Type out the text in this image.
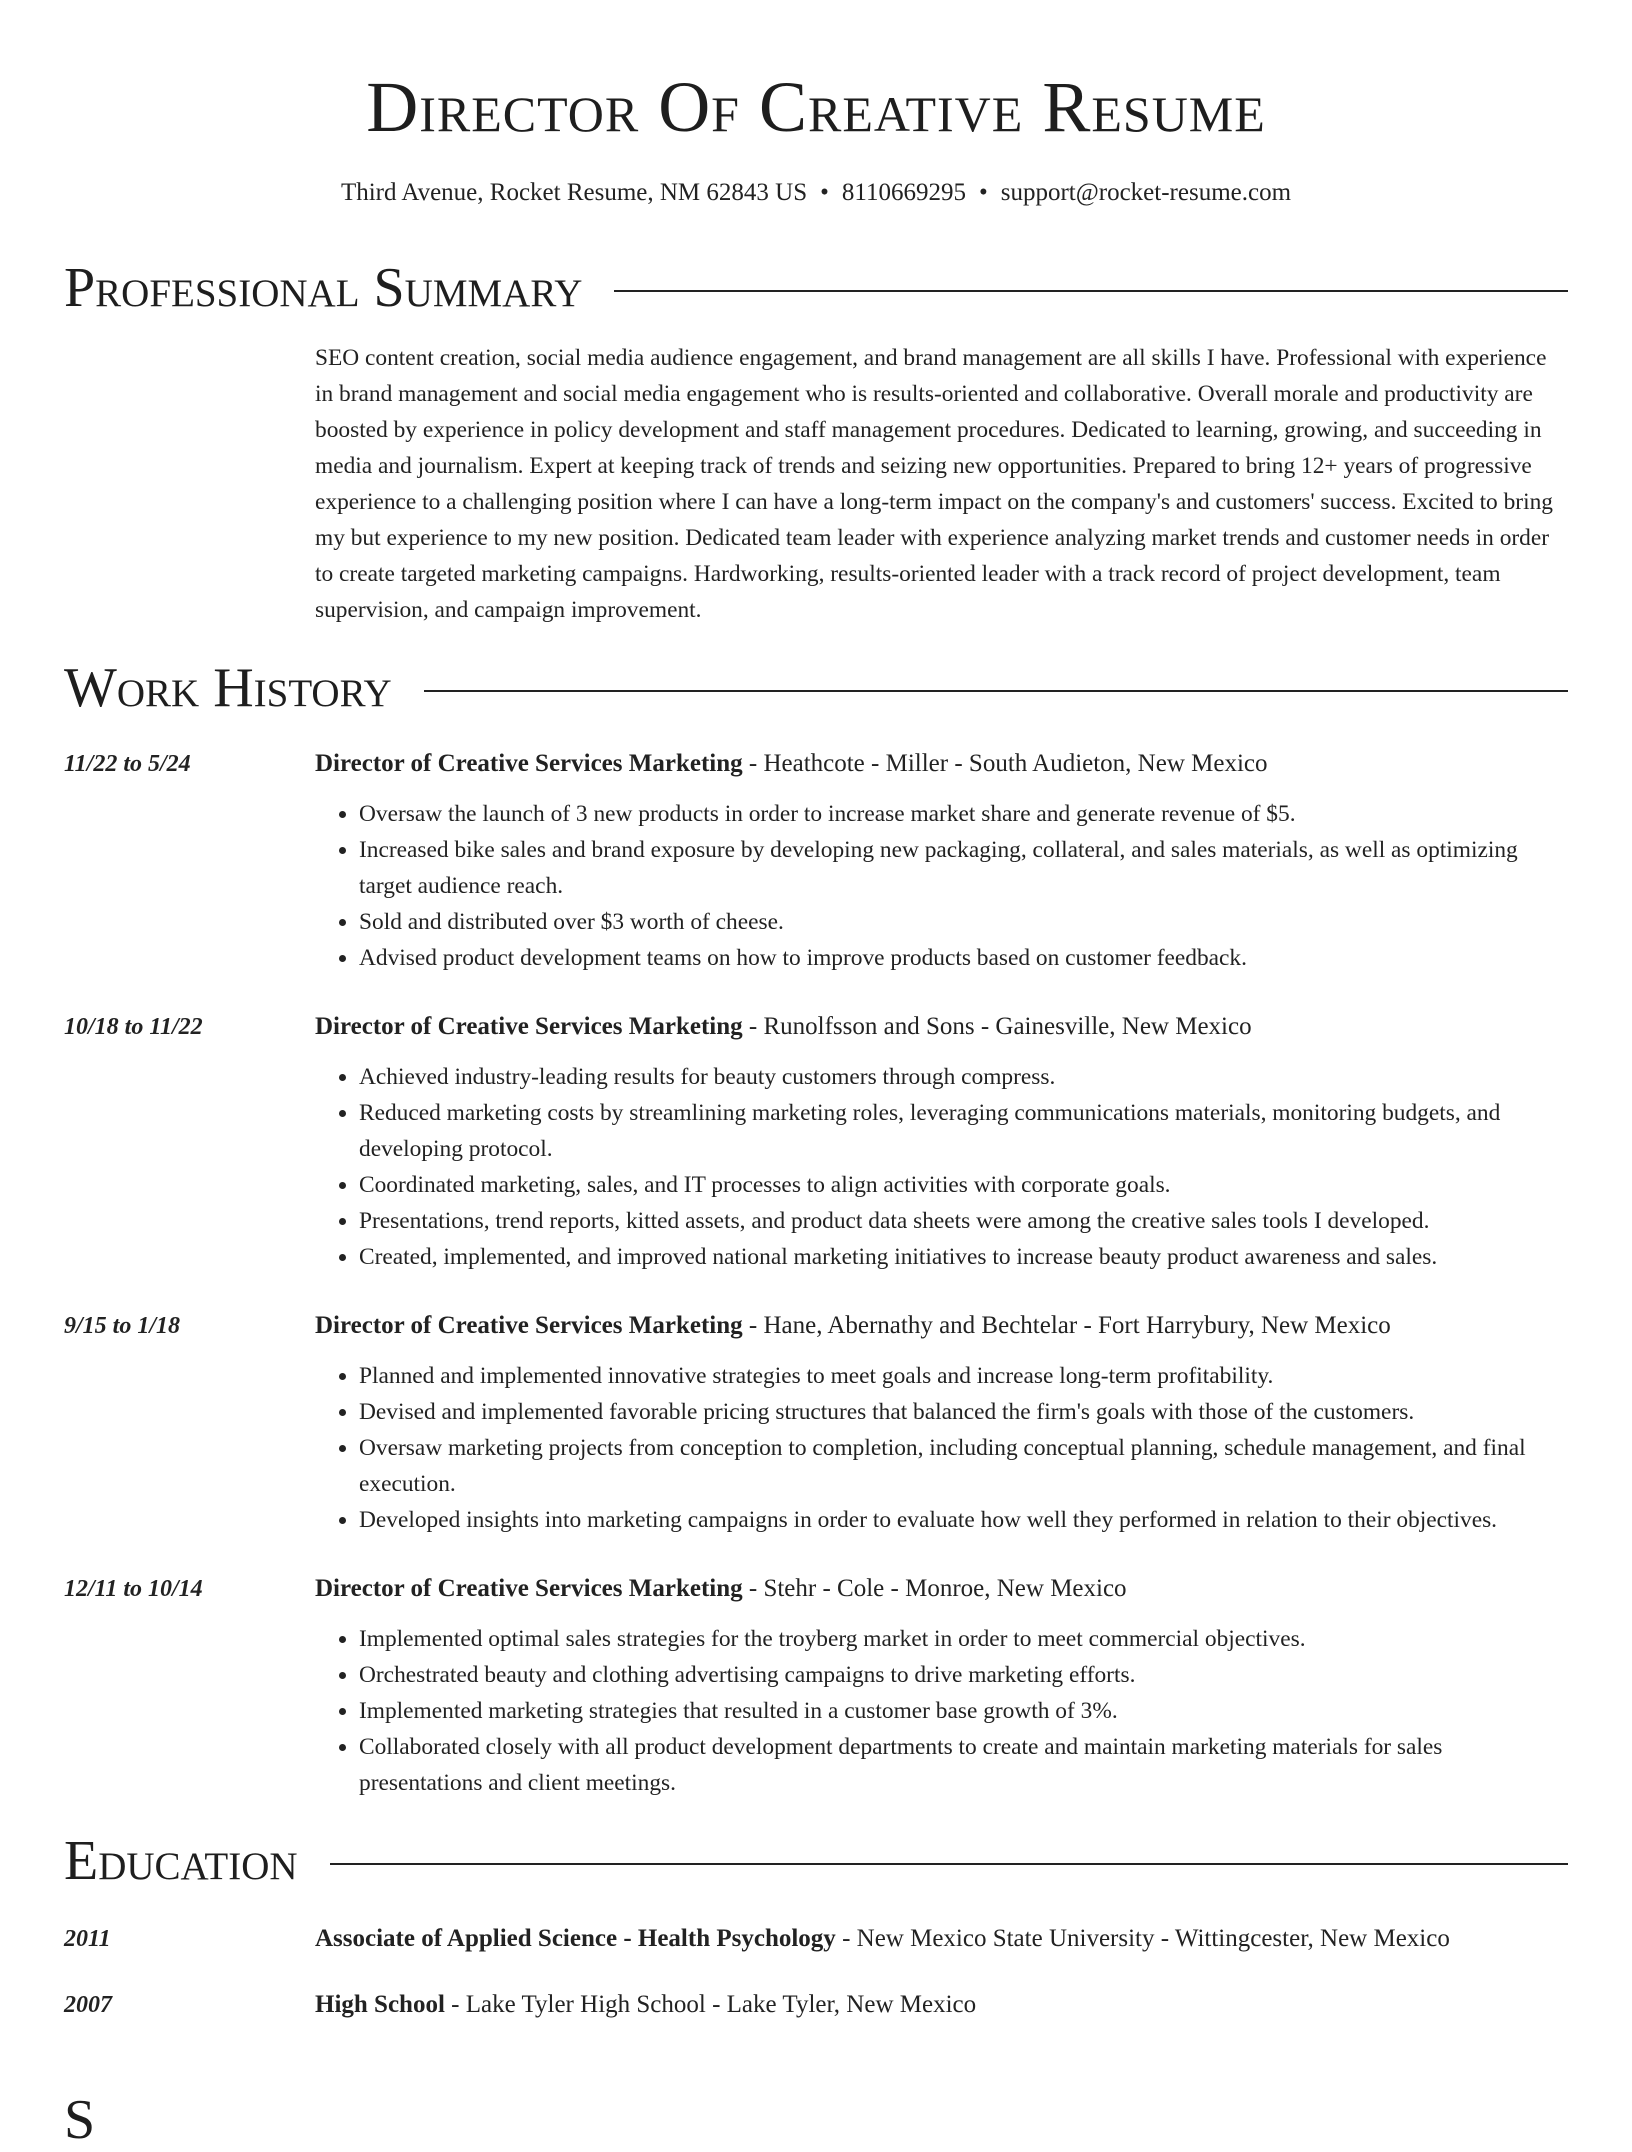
Director Of Creative Resume
Third Avenue, Rocket Resume, NM 62843 US • 8110669295 • support@rocket-resume.com
Professional Summary
SEO content creation, social media audience engagement, and brand management are all skills I have. Professional with experience in brand management and social media engagement who is results-oriented and collaborative. Overall morale and productivity are boosted by experience in policy development and staff management procedures. Dedicated to learning, growing, and succeeding in media and journalism. Expert at keeping track of trends and seizing new opportunities. Prepared to bring 12+ years of progressive experience to a challenging position where I can have a long-term impact on the company's and customers' success. Excited to bring my but experience to my new position. Dedicated team leader with experience analyzing market trends and customer needs in order to create targeted marketing campaigns. Hardworking, results-oriented leader with a track record of project development, team supervision, and campaign improvement.
Work History
11/22 to 5/24	Director of Creative Services Marketing - Heathcote - Miller - South Audieton, New Mexico
• Oversaw the launch of 3 new products in order to increase market share and generate revenue of $5.
• Increased bike sales and brand exposure by developing new packaging, collateral, and sales materials, as well as optimizing target audience reach.
• Sold and distributed over $3 worth of cheese.
• Advised product development teams on how to improve products based on customer feedback.
10/18 to 11/22	Director of Creative Services Marketing - Runolfsson and Sons - Gainesville, New Mexico
• Achieved industry-leading results for beauty customers through compress.
• Reduced marketing costs by streamlining marketing roles, leveraging communications materials, monitoring budgets, and developing protocol.
• Coordinated marketing, sales, and IT processes to align activities with corporate goals.
• Presentations, trend reports, kitted assets, and product data sheets were among the creative sales tools I developed.
• Created, implemented, and improved national marketing initiatives to increase beauty product awareness and sales.
9/15 to 1/18	Director of Creative Services Marketing - Hane, Abernathy and Bechtelar - Fort Harrybury, New Mexico
• Planned and implemented innovative strategies to meet goals and increase long-term profitability.
• Devised and implemented favorable pricing structures that balanced the firm's goals with those of the customers.
• Oversaw marketing projects from conception to completion, including conceptual planning, schedule management, and final execution.
• Developed insights into marketing campaigns in order to evaluate how well they performed in relation to their objectives.
12/11 to 10/14	Director of Creative Services Marketing - Stehr - Cole - Monroe, New Mexico
• Implemented optimal sales strategies for the troyberg market in order to meet commercial objectives.
• Orchestrated beauty and clothing advertising campaigns to drive marketing efforts.
• Implemented marketing strategies that resulted in a customer base growth of 3%.
• Collaborated closely with all product development departments to create and maintain marketing materials for sales presentations and client meetings.
Education
2011	Associate of Applied Science - Health Psychology - New Mexico State University - Wittingcester, New Mexico
2007	High School - Lake Tyler High School - Lake Tyler, New Mexico
S
